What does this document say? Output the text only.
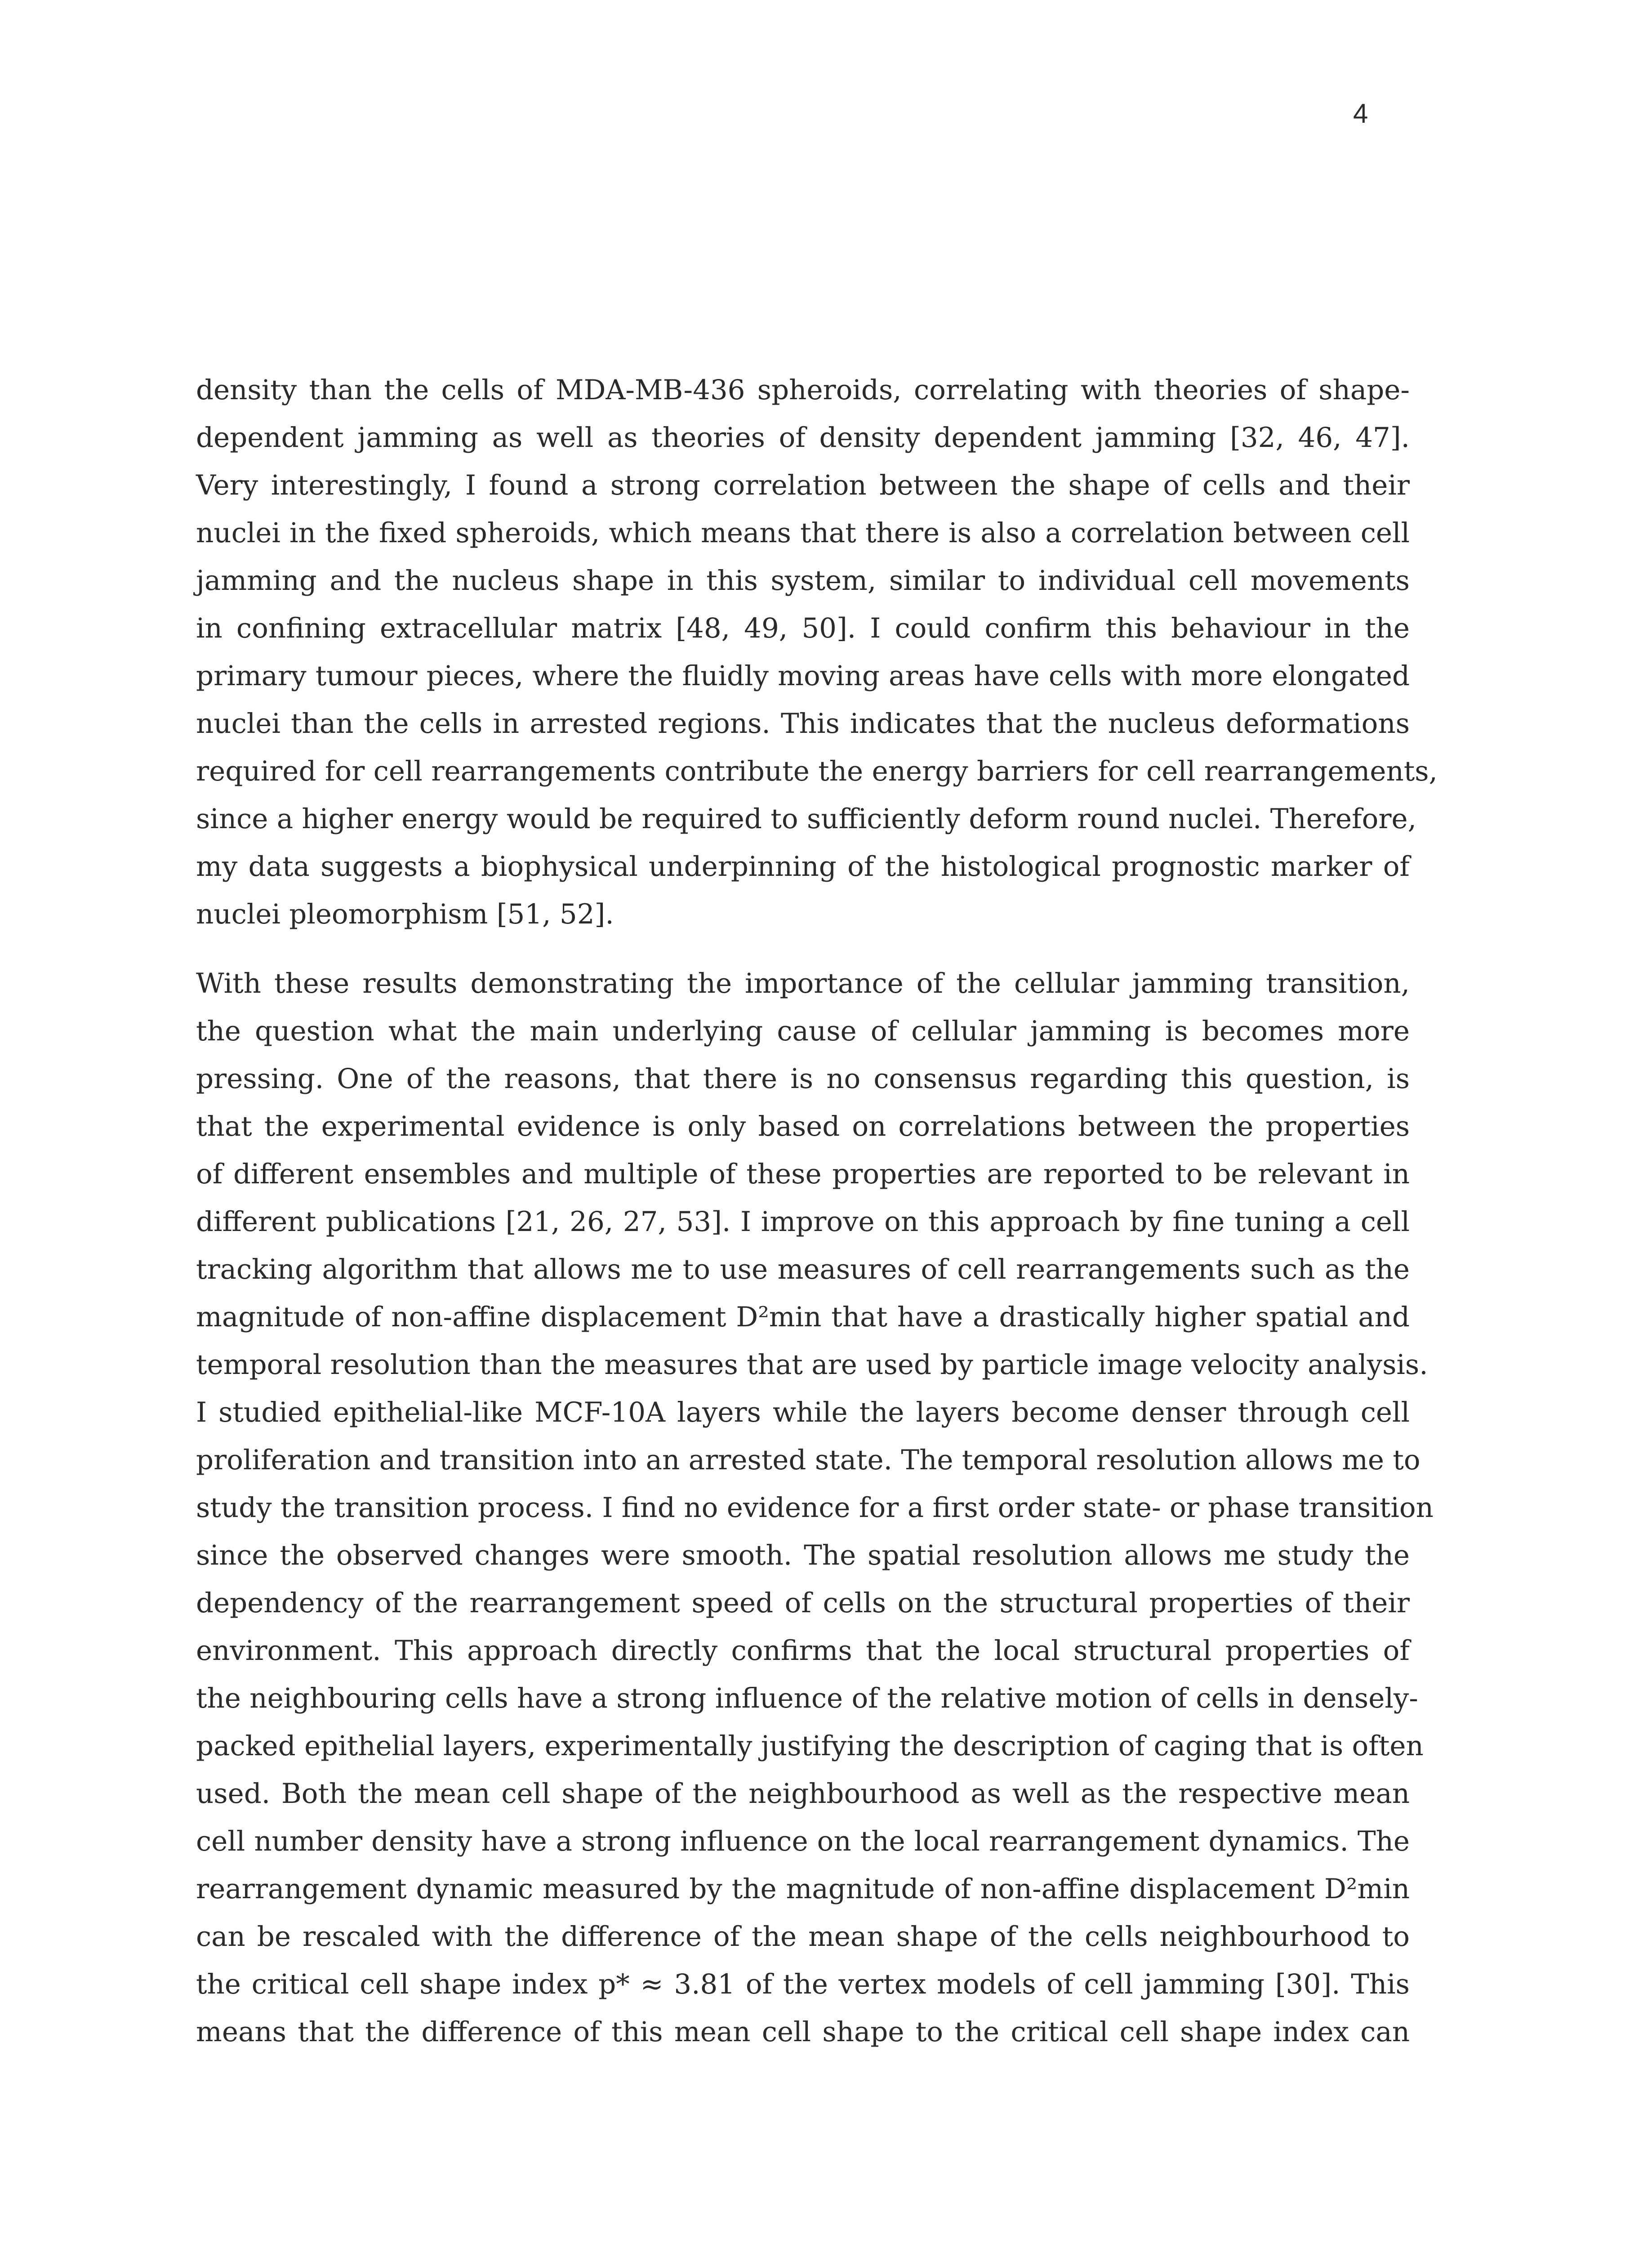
4

density than the cells of MDA-MB-436 spheroids, correlating with theories of shape-
dependent jamming as well as theories of density dependent jamming [32, 46, 47].
Very interestingly, I found a strong correlation between the shape of cells and their
nuclei in the fixed spheroids, which means that there is also a correlation between cell
jamming and the nucleus shape in this system, similar to individual cell movements
in confining extracellular matrix [48, 49, 50]. I could confirm this behaviour in the
primary tumour pieces, where the fluidly moving areas have cells with more elongated
nuclei than the cells in arrested regions. This indicates that the nucleus deformations
required for cell rearrangements contribute the energy barriers for cell rearrangements,
since a higher energy would be required to sufficiently deform round nuclei. Therefore,
my data suggests a biophysical underpinning of the histological prognostic marker of
nuclei pleomorphism [51, 52].

With these results demonstrating the importance of the cellular jamming transition,
the question what the main underlying cause of cellular jamming is becomes more
pressing. One of the reasons, that there is no consensus regarding this question, is
that the experimental evidence is only based on correlations between the properties
of different ensembles and multiple of these properties are reported to be relevant in
different publications [21, 26, 27, 53]. I improve on this approach by fine tuning a cell
tracking algorithm that allows me to use measures of cell rearrangements such as the
magnitude of non-affine displacement D²min that have a drastically higher spatial and
temporal resolution than the measures that are used by particle image velocity analysis.
I studied epithelial-like MCF-10A layers while the layers become denser through cell
proliferation and transition into an arrested state. The temporal resolution allows me to
study the transition process. I find no evidence for a first order state- or phase transition
since the observed changes were smooth. The spatial resolution allows me study the
dependency of the rearrangement speed of cells on the structural properties of their
environment. This approach directly confirms that the local structural properties of
the neighbouring cells have a strong influence of the relative motion of cells in densely-
packed epithelial layers, experimentally justifying the description of caging that is often
used. Both the mean cell shape of the neighbourhood as well as the respective mean
cell number density have a strong influence on the local rearrangement dynamics. The
rearrangement dynamic measured by the magnitude of non-affine displacement D²min
can be rescaled with the difference of the mean shape of the cells neighbourhood to
the critical cell shape index p* ≈ 3.81 of the vertex models of cell jamming [30]. This
means that the difference of this mean cell shape to the critical cell shape index can
